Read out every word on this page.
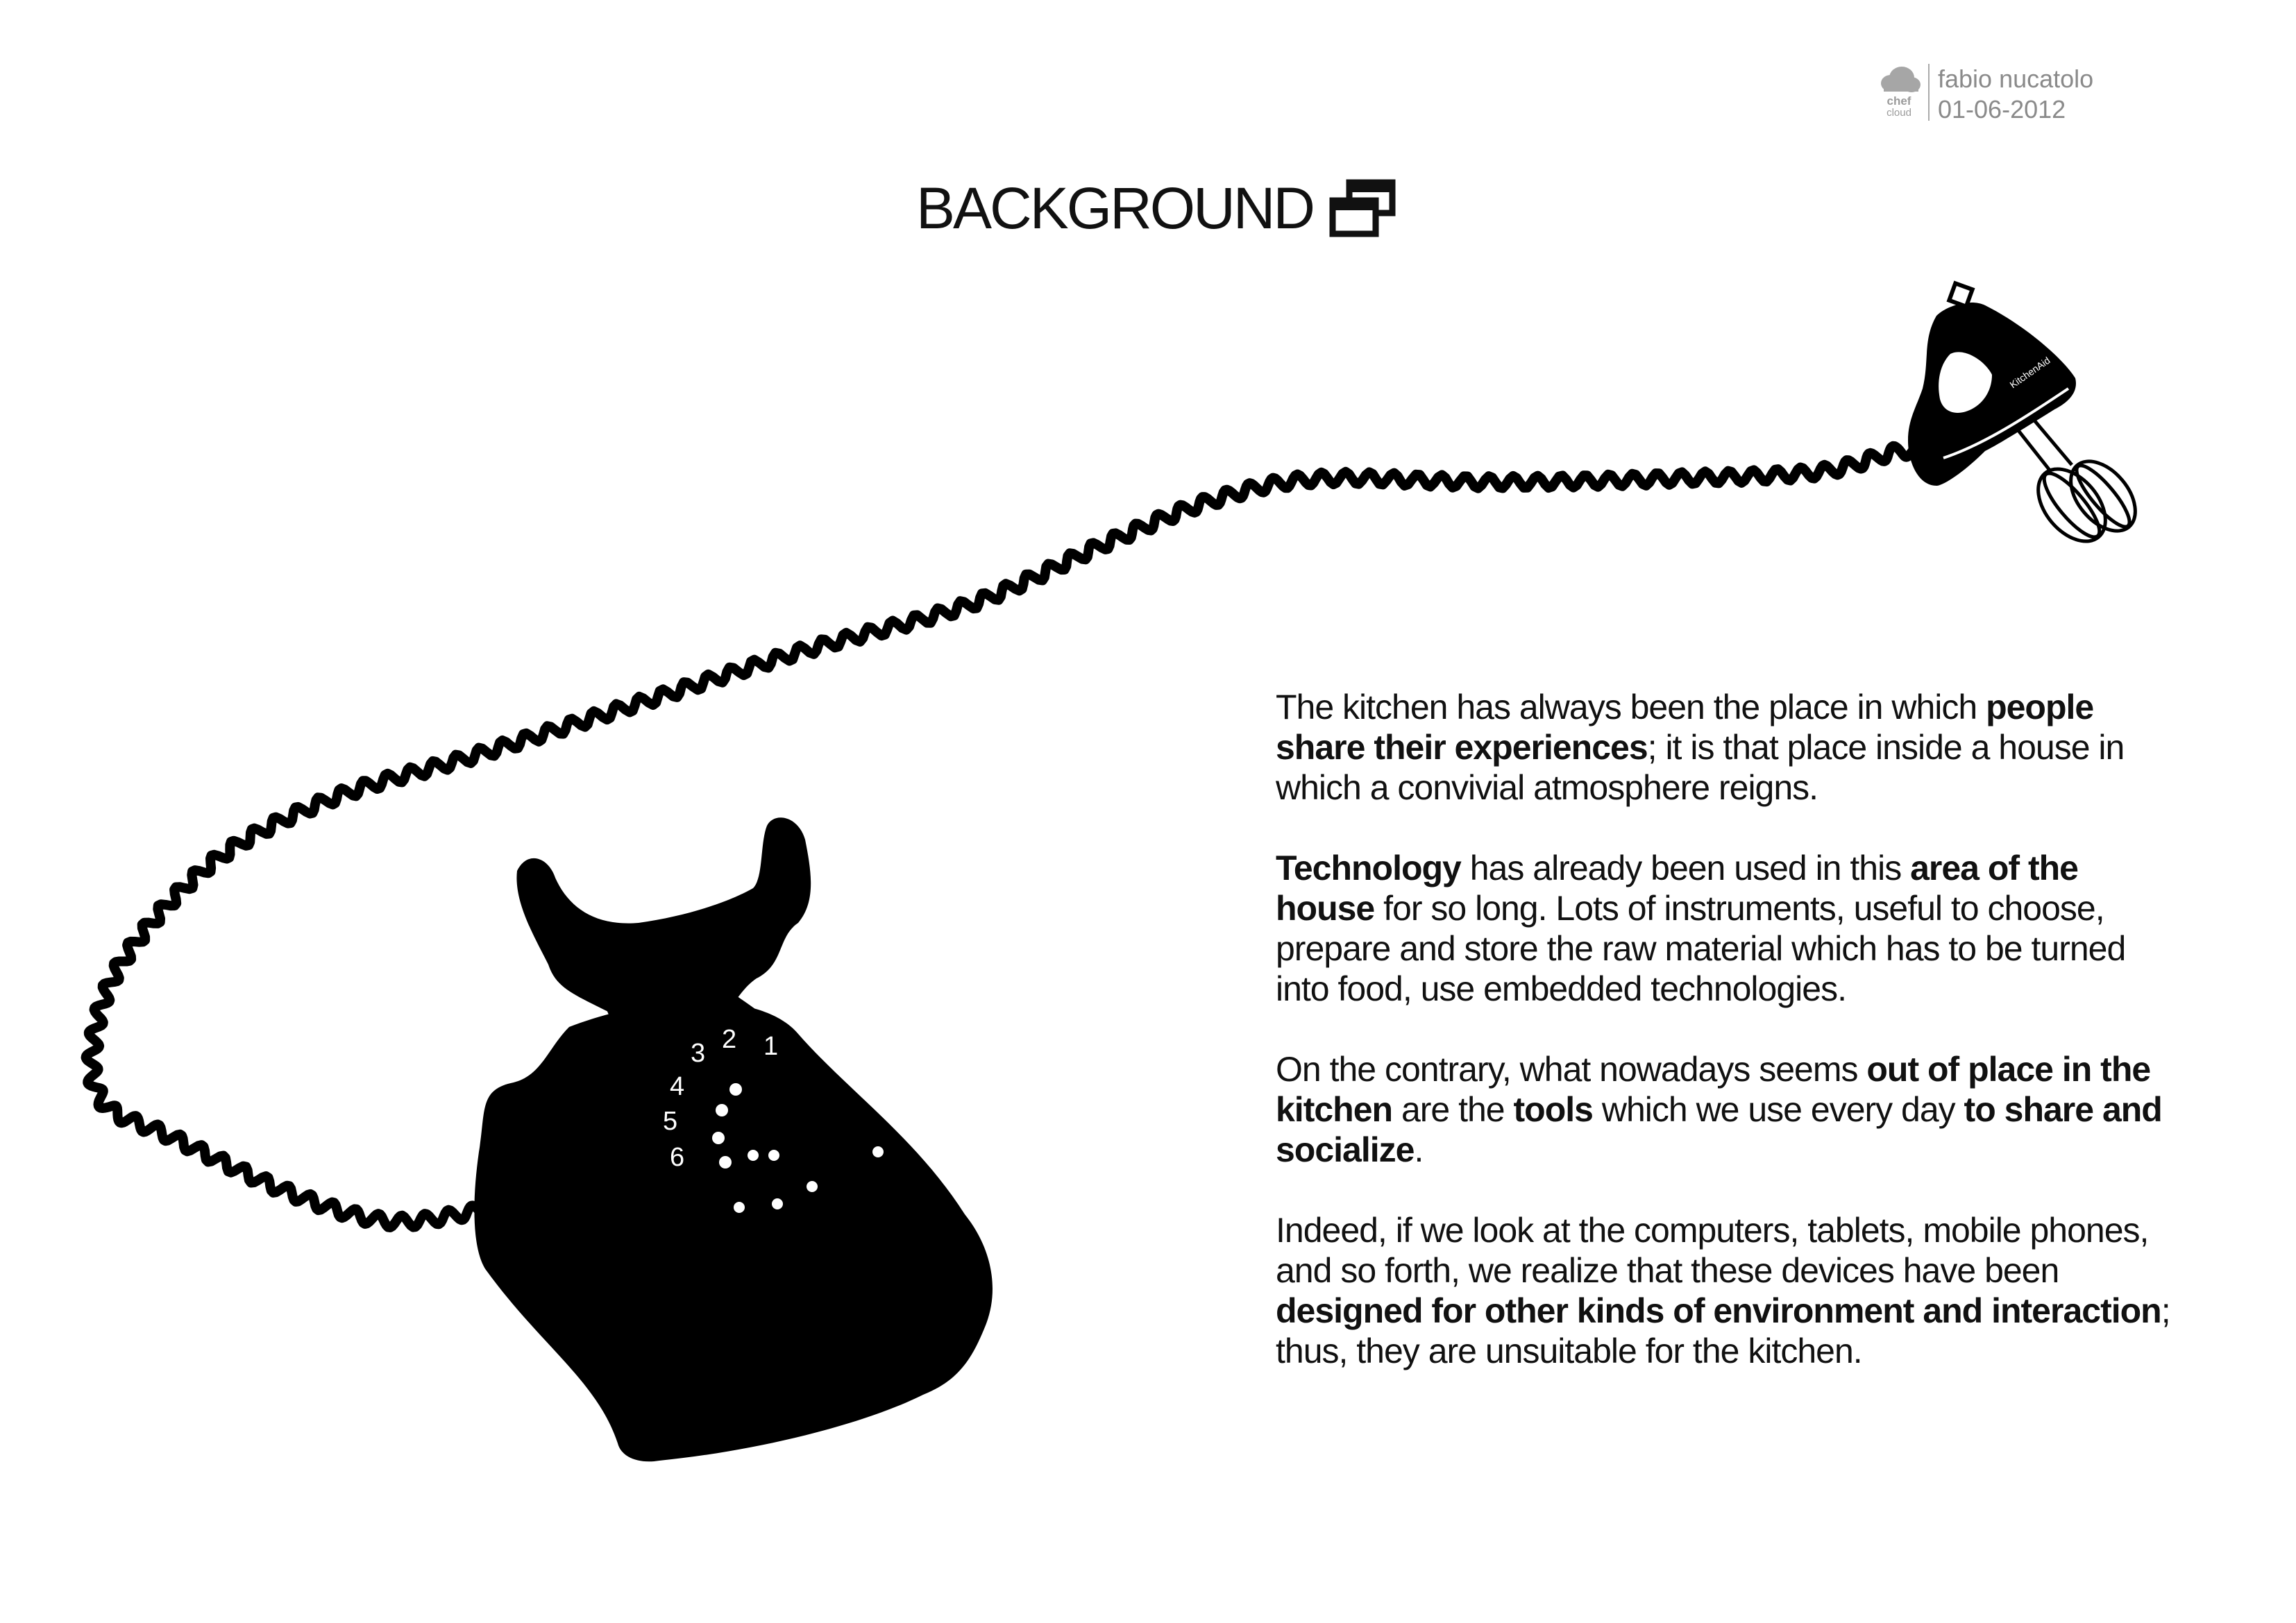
chef
cloud
fabio nucatolo
01-06-2012
BACKGROUND
1
2
3
4
5
6
KitchenAid

The kitchen has always been the place in which people share their experiences; it is that place inside a house in which a convivial atmosphere reigns.

Technology has already been used in this area of the house for so long. Lots of instruments, useful to choose, prepare and store the raw material which has to be turned into food, use embedded technologies.

On the contrary, what nowadays seems out of place in the kitchen are the tools which we use every day to share and socialize.

Indeed, if we look at the computers, tablets, mobile phones, and so forth, we realize that these devices have been designed for other kinds of environment and interaction; thus, they are unsuitable for the kitchen.
